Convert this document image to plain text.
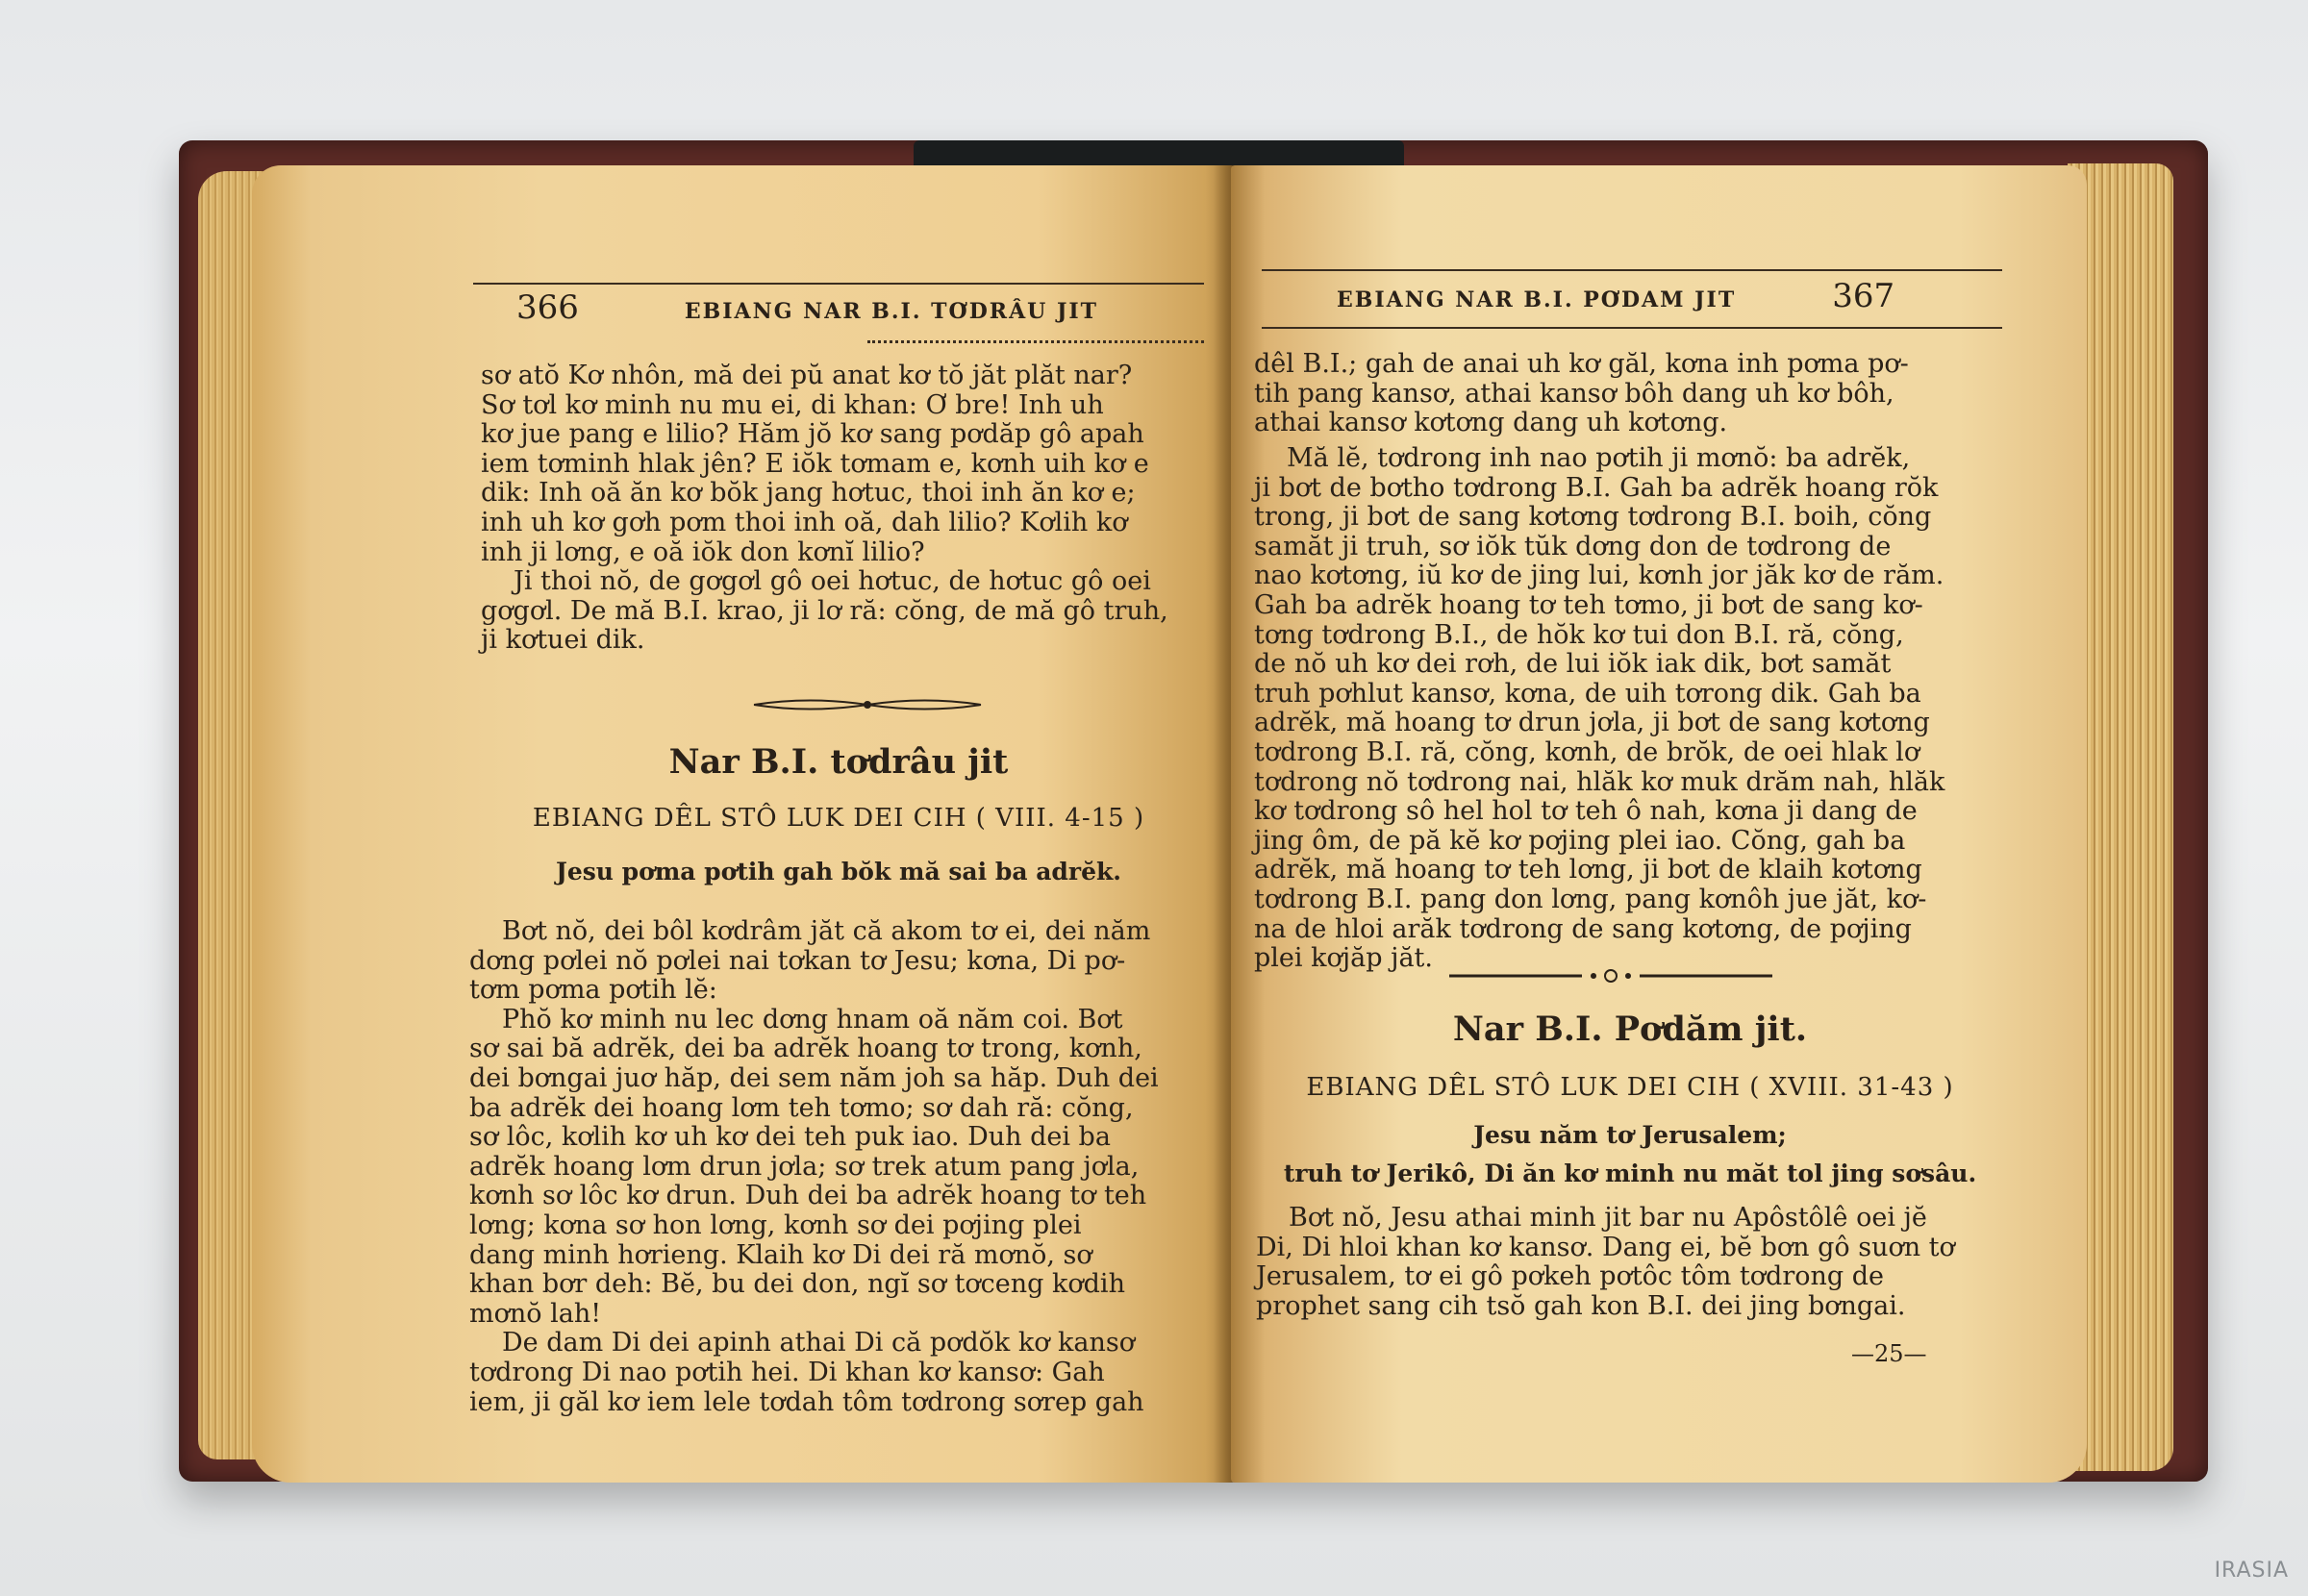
366	EBIANG NAR B.I. TƠDRÂU JIT
sơ atŏ Kơ nhôn, mă dei pŭ anat kơ tŏ jăt plăt nar?
Sơ tơl kơ minh nu mu ei, di khan: Ơ bre! Inh uh
kơ jue pang e lilio? Hăm jŏ kơ sang pơdăp gô apah
iem tơminh hlak jên? E iŏk tơmam e, kơnh uih kơ e
dik: Inh oă ăn kơ bŏk jang hơtuc, thoi inh ăn kơ e;
inh uh kơ gơh pơm thoi inh oă, dah lilio? Kơlih kơ
inh ji lơng, e oă iŏk don kơnĭ lilio?
Ji thoi nŏ, de gơgơl gô oei hơtuc, de hơtuc gô oei
gơgơl. De mă B.I. krao, ji lơ ră: cŏng, de mă gô truh,
ji kơtuei dik.
Nar B.I. tơdrâu jit
EBIANG DÊL STÔ LUK DEI CIH ( VIII. 4-15 )
Jesu pơma pơtih gah bŏk mă sai ba adrĕk.
Bơt nŏ, dei bôl kơdrâm jăt că akom tơ ei, dei năm
dơng pơlei nŏ pơlei nai tơkan tơ Jesu; kơna, Di pơ-
tơm pơma pơtih lĕ:
Phŏ kơ minh nu lec dơng hnam oă năm coi. Bơt
sơ sai bă adrĕk, dei ba adrĕk hoang tơ trong, kơnh,
dei bơngai juơ hăp, dei sem năm joh sa hăp. Duh dei
ba adrĕk dei hoang lơm teh tơmo; sơ dah ră: cŏng,
sơ lôc, kơlih kơ uh kơ dei teh puk iao. Duh dei ba
adrĕk hoang lơm drun jơla; sơ trek atum pang jơla,
kơnh sơ lôc kơ drun. Duh dei ba adrĕk hoang tơ teh
lơng; kơna sơ hon lơng, kơnh sơ dei pơjing plei
dang minh hơrieng. Klaih kơ Di dei ră mơnŏ, sơ
khan bơr deh: Bĕ, bu dei don, ngĭ sơ tơceng kơdih
mơnŏ lah!
De dam Di dei apinh athai Di că pơdŏk kơ kansơ
tơdrong Di nao pơtih hei. Di khan kơ kansơ: Gah
iem, ji găl kơ iem lele tơdah tôm tơdrong sơrep gah
EBIANG NAR B.I. PƠDAM JIT	367
dêl B.I.; gah de anai uh kơ găl, kơna inh pơma pơ-
tih pang kansơ, athai kansơ bôh dang uh kơ bôh,
athai kansơ kơtơng dang uh kơtơng.
Mă lĕ, tơdrong inh nao pơtih ji mơnŏ: ba adrĕk,
ji bơt de bơtho tơdrong B.I. Gah ba adrĕk hoang rŏk
trong, ji bơt de sang kơtơng tơdrong B.I. boih, cŏng
samăt ji truh, sơ iŏk tŭk dơng don de tơdrong de
nao kơtơng, iŭ kơ de jing lui, kơnh jor jăk kơ de răm.
Gah ba adrĕk hoang tơ teh tơmo, ji bơt de sang kơ-
tơng tơdrong B.I., de hŏk kơ tui don B.I. ră, cŏng,
de nŏ uh kơ dei rơh, de lui iŏk iak dik, bơt samăt
truh pơhlut kansơ, kơna, de uih tơrong dik. Gah ba
adrĕk, mă hoang tơ drun jơla, ji bơt de sang kơtơng
tơdrong B.I. ră, cŏng, kơnh, de brŏk, de oei hlak lơ
tơdrong nŏ tơdrong nai, hlăk kơ muk drăm nah, hlăk
kơ tơdrong sô hel hol tơ teh ô nah, kơna ji dang de
jing ôm, de pă kĕ kơ pơjing plei iao. Cŏng, gah ba
adrĕk, mă hoang tơ teh lơng, ji bơt de klaih kơtơng
tơdrong B.I. pang don lơng, pang kơnôh jue jăt, kơ-
na de hloi arăk tơdrong de sang kơtơng, de pơjing
plei kơjăp jăt.
Nar B.I. Pơdăm jit.
EBIANG DÊL STÔ LUK DEI CIH ( XVIII. 31-43 )
Jesu năm tơ Jerusalem;
truh tơ Jerikô, Di ăn kơ minh nu măt tol jing sơsâu.
Bơt nŏ, Jesu athai minh jit bar nu Apôstôlê oei jĕ
Di, Di hloi khan kơ kansơ. Dang ei, bĕ bơn gô suơn tơ
Jerusalem, tơ ei gô pơkeh pơtôc tôm tơdrong de
prophet sang cih tsŏ gah kon B.I. dei jing bơngai.
—25—
IRASIA
